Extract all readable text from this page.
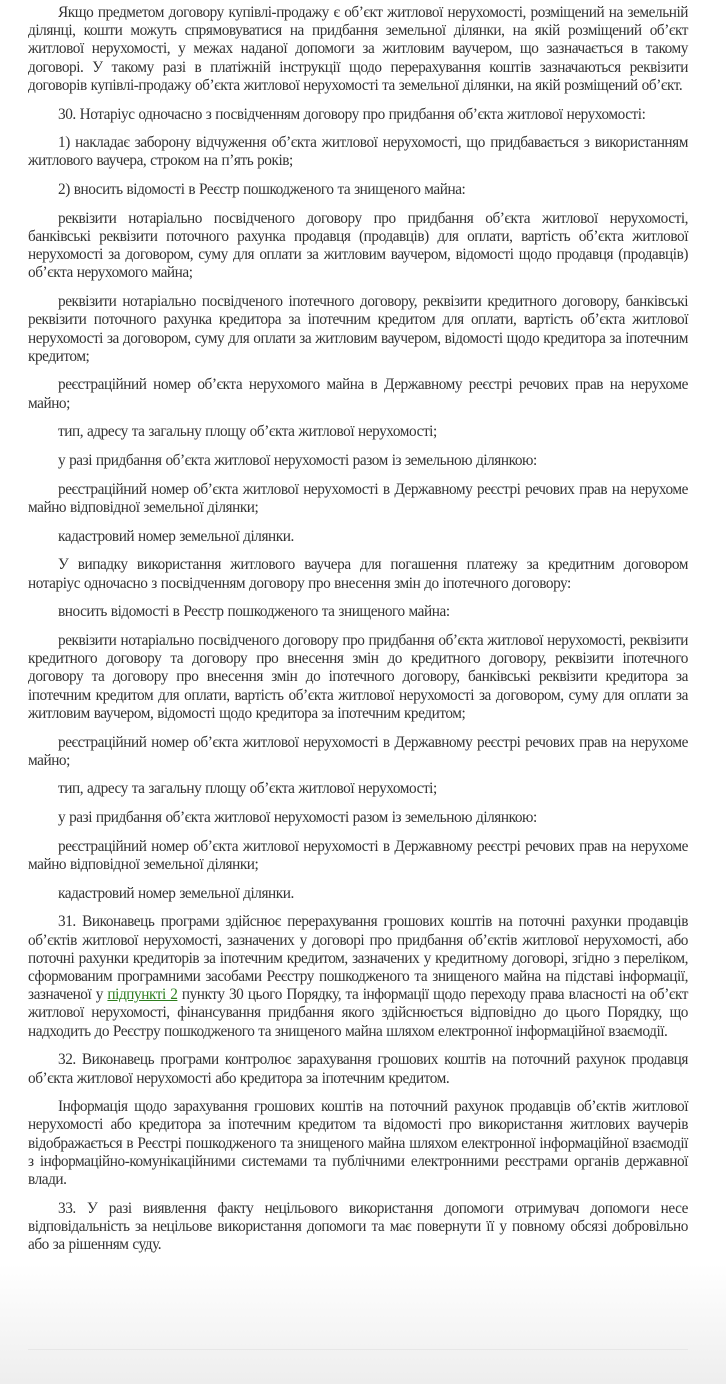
Якщо предметом договору купівлі-продажу є об’єкт житлової нерухомості, розміщений на земельній ділянці, кошти можуть спрямовуватися на придбання земельної ділянки, на якій розміщений об’єкт житлової нерухомості, у межах наданої допомоги за житловим ваучером, що зазначається в такому договорі. У такому разі в платіжній інструкції щодо перерахування коштів зазначаються реквізити договорів купівлі-продажу об’єкта житлової нерухомості та земельної ділянки, на якій розміщений об’єкт.

30. Нотаріус одночасно з посвідченням договору про придбання об’єкта житлової нерухомості:

1) накладає заборону відчуження об’єкта житлової нерухомості, що придбавається з використанням житлового ваучера, строком на п’ять років;

2) вносить відомості в Реєстр пошкодженого та знищеного майна:

реквізити нотаріально посвідченого договору про придбання об’єкта житлової нерухомості, банківські реквізити поточного рахунка продавця (продавців) для оплати, вартість об’єкта житлової нерухомості за договором, суму для оплати за житловим ваучером, відомості щодо продавця (продавців) об’єкта нерухомого майна;

реквізити нотаріально посвідченого іпотечного договору, реквізити кредитного договору, банківські реквізити поточного рахунка кредитора за іпотечним кредитом для оплати, вартість об’єкта житлової нерухомості за договором, суму для оплати за житловим ваучером, відомості щодо кредитора за іпотечним кредитом;

реєстраційний номер об’єкта нерухомого майна в Державному реєстрі речових прав на нерухоме майно;

тип, адресу та загальну площу об’єкта житлової нерухомості;

у разі придбання об’єкта житлової нерухомості разом із земельною ділянкою:

реєстраційний номер об’єкта житлової нерухомості в Державному реєстрі речових прав на нерухоме майно відповідної земельної ділянки;

кадастровий номер земельної ділянки.

У випадку використання житлового ваучера для погашення платежу за кредитним договором нотаріус одночасно з посвідченням договору про внесення змін до іпотечного договору:

вносить відомості в Реєстр пошкодженого та знищеного майна:

реквізити нотаріально посвідченого договору про придбання об’єкта житлової нерухомості, реквізити кредитного договору та договору про внесення змін до кредитного договору, реквізити іпотечного договору та договору про внесення змін до іпотечного договору, банківські реквізити кредитора за іпотечним кредитом для оплати, вартість об’єкта житлової нерухомості за договором, суму для оплати за житловим ваучером, відомості щодо кредитора за іпотечним кредитом;

реєстраційний номер об’єкта житлової нерухомості в Державному реєстрі речових прав на нерухоме майно;

тип, адресу та загальну площу об’єкта житлової нерухомості;

у разі придбання об’єкта житлової нерухомості разом із земельною ділянкою:

реєстраційний номер об’єкта житлової нерухомості в Державному реєстрі речових прав на нерухоме майно відповідної земельної ділянки;

кадастровий номер земельної ділянки.

31. Виконавець програми здійснює перерахування грошових коштів на поточні рахунки продавців об’єктів житлової нерухомості, зазначених у договорі про придбання об’єктів житлової нерухомості, або поточні рахунки кредиторів за іпотечним кредитом, зазначених у кредитному договорі, згідно з переліком, сформованим програмними засобами Реєстру пошкодженого та знищеного майна на підставі інформації, зазначеної у підпункті 2 пункту 30 цього Порядку, та інформації щодо переходу права власності на об’єкт житлової нерухомості, фінансування придбання якого здійснюється відповідно до цього Порядку, що надходить до Реєстру пошкодженого та знищеного майна шляхом електронної інформаційної взаємодії.

32. Виконавець програми контролює зарахування грошових коштів на поточний рахунок продавця об’єкта житлової нерухомості або кредитора за іпотечним кредитом.

Інформація щодо зарахування грошових коштів на поточний рахунок продавців об’єктів житлової нерухомості або кредитора за іпотечним кредитом та відомості про використання житлових ваучерів відображається в Реєстрі пошкодженого та знищеного майна шляхом електронної інформаційної взаємодії з інформаційно-комунікаційними системами та публічними електронними реєстрами органів державної влади.

33. У разі виявлення факту нецільового використання допомоги отримувач допомоги несе відповідальність за нецільове використання допомоги та має повернути її у повному обсязі добровільно або за рішенням суду.
